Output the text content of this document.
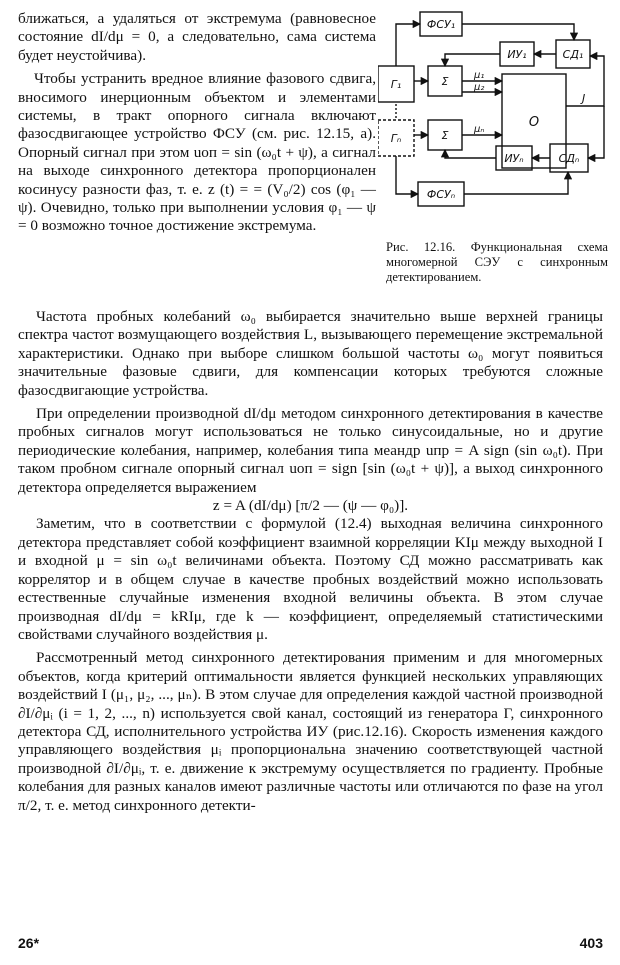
ближаться, а удаляться от экстремума (равновесное состояние dI/dμ = 0, а следовательно, сама система будет неустойчива).

Чтобы устранить вредное влияние фазового сдвига, вносимого инерционным объектом и элементами системы, в тракт опорного сигнала включают фазосдвигающее устройство ФСУ (см. рис. 12.15, а). Опорный сигнал при этом uоп = sin (ω₀t + ψ), а сигнал на выходе синхронного детектора пропорционален косинусу разности фаз, т. е. z (t) = = (V₀/2) cos (φ₁ — ψ). Очевидно, только при выполнении условия φ₁ — ψ = 0 возможно точное достижение экстремума.

ФСУ₁
ИУ₁	СД₁
Г₁	Σ
О
Гₙ	Σ
ИУₙ	СДₙ
ФСУₙ
μ₁
μ₂
μₙ
J
Рис. 12.16. Функциональная схема многомерной СЭУ с синхронным детектированием.

Частота пробных колебаний ω₀ выбирается значительно выше верхней границы спектра частот возмущающего воздействия L, вызывающего перемещение экстремальной характеристики. Однако при выборе слишком большой частоты ω₀ могут появиться значительные фазовые сдвиги, для компенсации которых требуются сложные фазосдвигающие устройства.

При определении производной dI/dμ методом синхронного детектирования в качестве пробных сигналов могут использоваться не только синусоидальные, но и другие периодические колебания, например, колебания типа меандр uпр = A sign (sin ω₀t). При таком пробном сигнале опорный сигнал uоп = sign [sin (ω₀t + ψ)], а выход синхронного детектора определяется выражением

z = A (dI/dμ) [π/2 — (ψ — φ₀)].

Заметим, что в соответствии с формулой (12.4) выходная величина синхронного детектора представляет собой коэффициент взаимной корреляции KIμ между выходной I и входной μ = sin ω₀t величинами объекта. Поэтому СД можно рассматривать как коррелятор и в общем случае в качестве пробных воздействий можно использовать естественные случайные изменения входной величины объекта. В этом случае производная dI/dμ = kRIμ, где k — коэффициент, определяемый статистическими свойствами случайного воздействия μ.

Рассмотренный метод синхронного детектирования применим и для многомерных объектов, когда критерий оптимальности является функцией нескольких управляющих воздействий I (μ₁, μ₂, ..., μₙ). В этом случае для определения каждой частной производной ∂I/∂μᵢ (i = 1, 2, ..., n) используется свой канал, состоящий из генератора Г, синхронного детектора СД, исполнительного устройства ИУ (рис.12.16). Скорость изменения каждого управляющего воздействия μᵢ пропорциональна значению соответствующей частной производной ∂I/∂μᵢ, т. е. движение к экстремуму осуществляется по градиенту. Пробные колебания для разных каналов имеют различные частоты или отличаются по фазе на угол π/2, т. е. метод синхронного детекти-

26*	403
